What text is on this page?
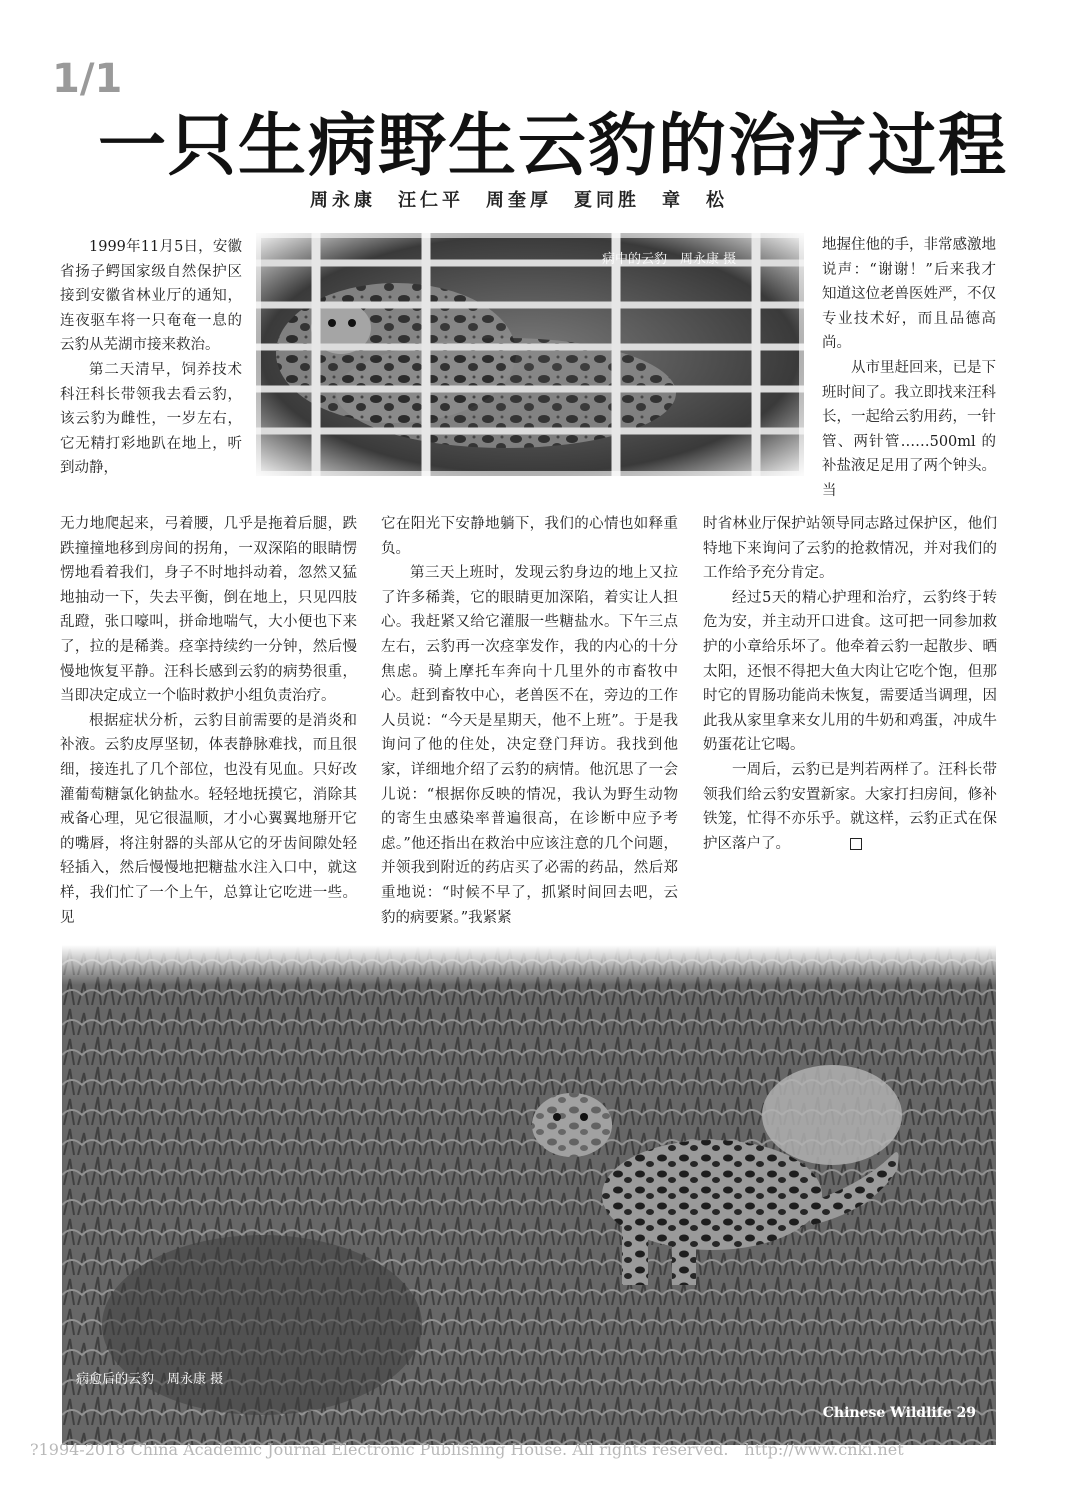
1/1
一只生病野生云豹的治疗过程
周永康　汪仁平　周奎厚　夏同胜　章　松
病中的云豹　周永康 摄

1999年11月5日，安徽省扬子鳄国家级自然保护区接到安徽省林业厅的通知，连夜驱车将一只奄奄一息的云豹从芜湖市接来救治。

第二天清早，饲养技术科汪科长带领我去看云豹，该云豹为雌性，一岁左右，它无精打彩地趴在地上，听到动静，

无力地爬起来，弓着腰，几乎是拖着后腿，跌跌撞撞地移到房间的拐角，一双深陷的眼睛愣愣地看着我们，身子不时地抖动着，忽然又猛地抽动一下，失去平衡，倒在地上，只见四肢乱蹬，张口嚎叫，拼命地喘气，大小便也下来了，拉的是稀粪。痉挛持续约一分钟，然后慢慢地恢复平静。汪科长感到云豹的病势很重，当即决定成立一个临时救护小组负责治疗。

根据症状分析，云豹目前需要的是消炎和补液。云豹皮厚坚韧，体表静脉难找，而且很细，接连扎了几个部位，也没有见血。只好改灌葡萄糖氯化钠盐水。轻轻地抚摸它，消除其戒备心理，见它很温顺，才小心翼翼地掰开它的嘴唇，将注射器的头部从它的牙齿间隙处轻轻插入，然后慢慢地把糖盐水注入口中，就这样，我们忙了一个上午，总算让它吃进一些。见

它在阳光下安静地躺下，我们的心情也如释重负。

第三天上班时，发现云豹身边的地上又拉了许多稀粪，它的眼睛更加深陷，着实让人担心。我赶紧又给它灌服一些糖盐水。下午三点左右，云豹再一次痉挛发作，我的内心的十分焦虑。骑上摩托车奔向十几里外的市畜牧中心。赶到畜牧中心，老兽医不在，旁边的工作人员说：“今天是星期天，他不上班”。于是我询问了他的住处，决定登门拜访。我找到他家，详细地介绍了云豹的病情。他沉思了一会儿说：“根据你反映的情况，我认为野生动物的寄生虫感染率普遍很高，在诊断中应予考虑。”他还指出在救治中应该注意的几个问题，并领我到附近的药店买了必需的药品，然后郑重地说：“时候不早了，抓紧时间回去吧，云豹的病要紧。”我紧紧

地握住他的手，非常感激地说声：“谢谢！”后来我才知道这位老兽医姓严，不仅专业技术好，而且品德高尚。

从市里赶回来，已是下班时间了。我立即找来汪科长，一起给云豹用药，一针管、两针管……500ml 的补盐液足足用了两个钟头。当

时省林业厅保护站领导同志路过保护区，他们特地下来询问了云豹的抢救情况，并对我们的工作给予充分肯定。

经过5天的精心护理和治疗，云豹终于转危为安，并主动开口进食。这可把一同参加救护的小章给乐坏了。他牵着云豹一起散步、晒太阳，还恨不得把大鱼大肉让它吃个饱，但那时它的胃肠功能尚未恢复，需要适当调理，因此我从家里拿来女儿用的牛奶和鸡蛋，冲成牛奶蛋花让它喝。

一周后，云豹已是判若两样了。汪科长带领我们给云豹安置新家。大家打扫房间，修补铁笼，忙得不亦乐乎。就这样，云豹正式在保护区落户了。

病愈后的云豹　周永康 摄
Chinese Wildlife 29
?1994-2018 China Academic Journal Electronic Publishing House. All rights reserved.　http://www.cnki.net
